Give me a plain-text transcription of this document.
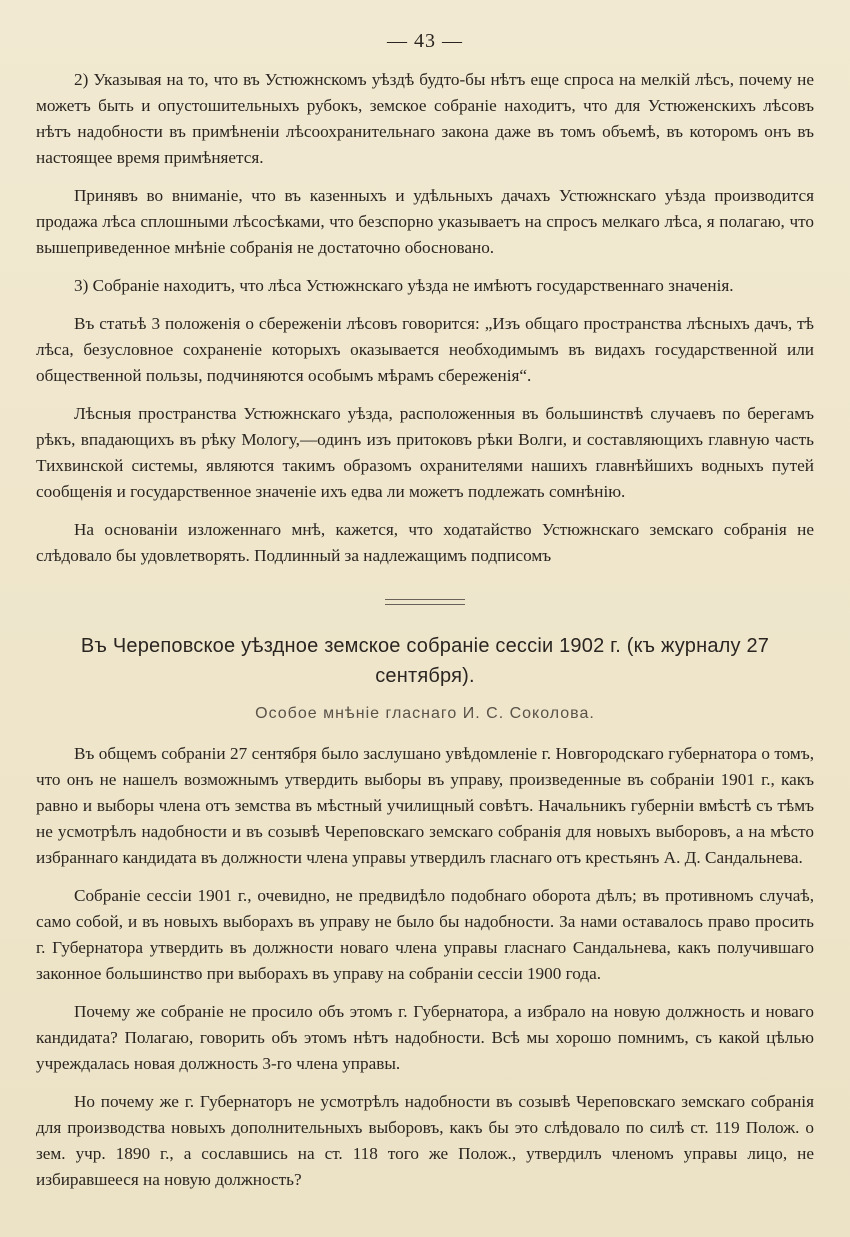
— 43 —

2) Указывая на то, что въ Устюжнскомъ уѣздѣ будто-бы нѣтъ еще спроса на мелкій лѣсъ, почему не можетъ быть и опустошительныхъ рубокъ, земское собраніе находитъ, что для Устюженскихъ лѣсовъ нѣтъ надобности въ примѣненіи лѣсоохранительнаго закона даже въ томъ объемѣ, въ которомъ онъ въ настоящее время примѣняется.

Принявъ во вниманіе, что въ казенныхъ и удѣльныхъ дачахъ Устюжнскаго уѣзда производится продажа лѣса сплошными лѣсосѣками, что безспорно указываетъ на спросъ мелкаго лѣса, я полагаю, что вышеприведенное мнѣніе собранія не достаточно обосновано.

3) Собраніе находитъ, что лѣса Устюжнскаго уѣзда не имѣютъ государственнаго значенія.

Въ статьѣ 3 положенія о сбереженіи лѣсовъ говорится: „Изъ общаго пространства лѣсныхъ дачъ, тѣ лѣса, безусловное сохраненіе которыхъ оказывается необходимымъ въ видахъ государственной или общественной пользы, подчиняются особымъ мѣрамъ сбереженія“.

Лѣсныя пространства Устюжнскаго уѣзда, расположенныя въ большинствѣ случаевъ по берегамъ рѣкъ, впадающихъ въ рѣку Мологу,—одинъ изъ притоковъ рѣки Волги, и составляющихъ главную часть Тихвинской системы, являются такимъ образомъ охранителями нашихъ главнѣйшихъ водныхъ путей сообщенія и государственное значеніе ихъ едва ли можетъ подлежать сомнѣнію.

На основаніи изложеннаго мнѣ, кажется, что ходатайство Устюжнскаго земскаго собранія не слѣдовало бы удовлетворять. Подлинный за надлежащимъ подписомъ

Въ Череповское уѣздное земское собраніе сессіи 1902 г. (къ журналу 27 сентября).
Особое мнѣніе гласнаго И. С. Соколова.

Въ общемъ собраніи 27 сентября было заслушано увѣдомленіе г. Новгородскаго губернатора о томъ, что онъ не нашелъ возможнымъ утвердить выборы въ управу, произведенные въ собраніи 1901 г., какъ равно и выборы члена отъ земства въ мѣстный училищный совѣтъ. Начальникъ губерніи вмѣстѣ съ тѣмъ не усмотрѣлъ надобности и въ созывѣ Череповскаго земскаго собранія для новыхъ выборовъ, а на мѣсто избраннаго кандидата въ должности члена управы утвердилъ гласнаго отъ крестьянъ А. Д. Сандальнева.

Собраніе сессіи 1901 г., очевидно, не предвидѣло подобнаго оборота дѣлъ; въ противномъ случаѣ, само собой, и въ новыхъ выборахъ въ управу не было бы надобности. За нами оставалось право просить г. Губернатора утвердить въ должности новаго члена управы гласнаго Сандальнева, какъ получившаго законное большинство при выборахъ въ управу на собраніи сессіи 1900 года.

Почему же собраніе не просило объ этомъ г. Губернатора, а избрало на новую должность и новаго кандидата? Полагаю, говорить объ этомъ нѣтъ надобности. Всѣ мы хорошо помнимъ, съ какой цѣлью учреждалась новая должность 3-го члена управы.

Но почему же г. Губернаторъ не усмотрѣлъ надобности въ созывѣ Череповскаго земскаго собранія для производства новыхъ дополнительныхъ выборовъ, какъ бы это слѣдовало по силѣ ст. 119 Полож. о зем. учр. 1890 г., а сославшись на ст. 118 того же Полож., утвердилъ членомъ управы лицо, не избиравшееся на новую должность?
